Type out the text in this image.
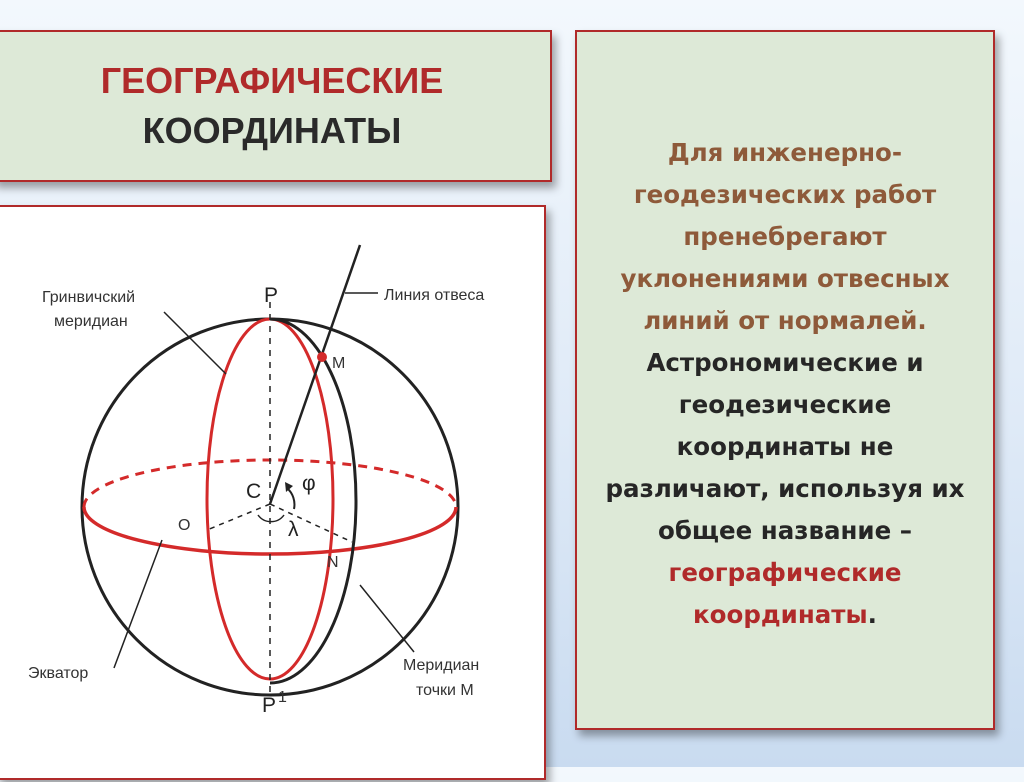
ГЕОГРАФИЧЕСКИЕ
КООРДИНАТЫ
Гринвичский
меридиан
Линия отвеса
P
M
C φ
λ
O
N
Экватор	Меридиан
точки M
P 1
Для инженерно-
геодезических работ
пренебрегают
уклонениями отвесных
линий от нормалей.
Астрономические и
геодезические
координаты не
различают, используя их
общее название –
географические
координаты.
